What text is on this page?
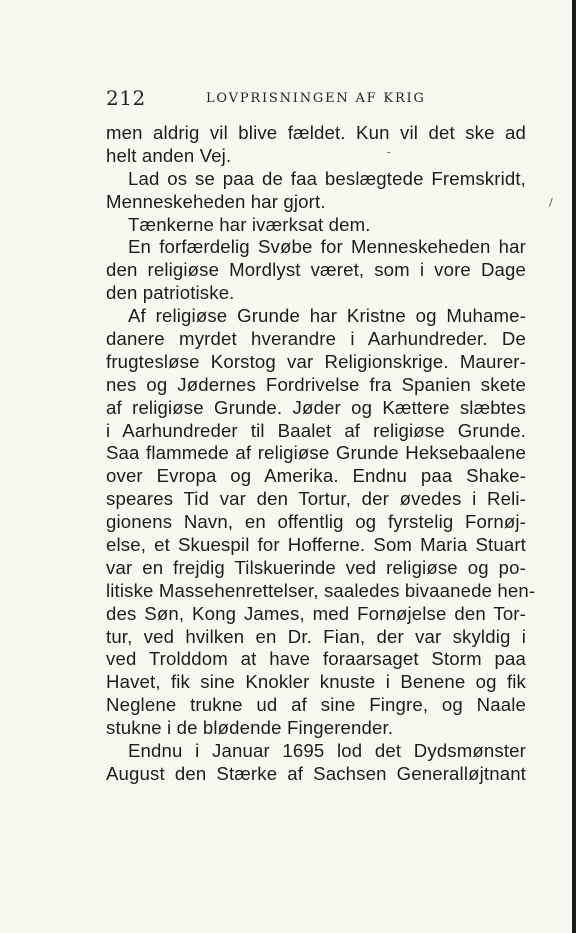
212	LOVPRISNINGEN AF KRIG
men aldrig vil blive fældet. Kun vil det ske ad
helt anden Vej.
Lad os se paa de faa beslægtede Fremskridt,
Menneskeheden har gjort.
Tænkerne har iværksat dem.
En forfærdelig Svøbe for Menneskeheden har
den religiøse Mordlyst været, som i vore Dage
den patriotiske.
Af religiøse Grunde har Kristne og Muhame-
danere myrdet hverandre i Aarhundreder. De
frugtesløse Korstog var Religionskrige. Maurer-
nes og Jødernes Fordrivelse fra Spanien skete
af religiøse Grunde. Jøder og Kættere slæbtes
i Aarhundreder til Baalet af religiøse Grunde.
Saa flammede af religiøse Grunde Heksebaalene
over Evropa og Amerika. Endnu paa Shake-
speares Tid var den Tortur, der øvedes i Reli-
gionens Navn, en offentlig og fyrstelig Fornøj-
else, et Skuespil for Hofferne. Som Maria Stuart
var en frejdig Tilskuerinde ved religiøse og po-
litiske Massehenrettelser, saaledes bivaanede hen-
des Søn, Kong James, med Fornøjelse den Tor-
tur, ved hvilken en Dr. Fian, der var skyldig i
ved Trolddom at have foraarsaget Storm paa
Havet, fik sine Knokler knuste i Benene og fik
Neglene trukne ud af sine Fingre, og Naale
stukne i de blødende Fingerender.
Endnu i Januar 1695 lod det Dydsmønster
August den Stærke af Sachsen Generalløjtnant
ˉ
/
